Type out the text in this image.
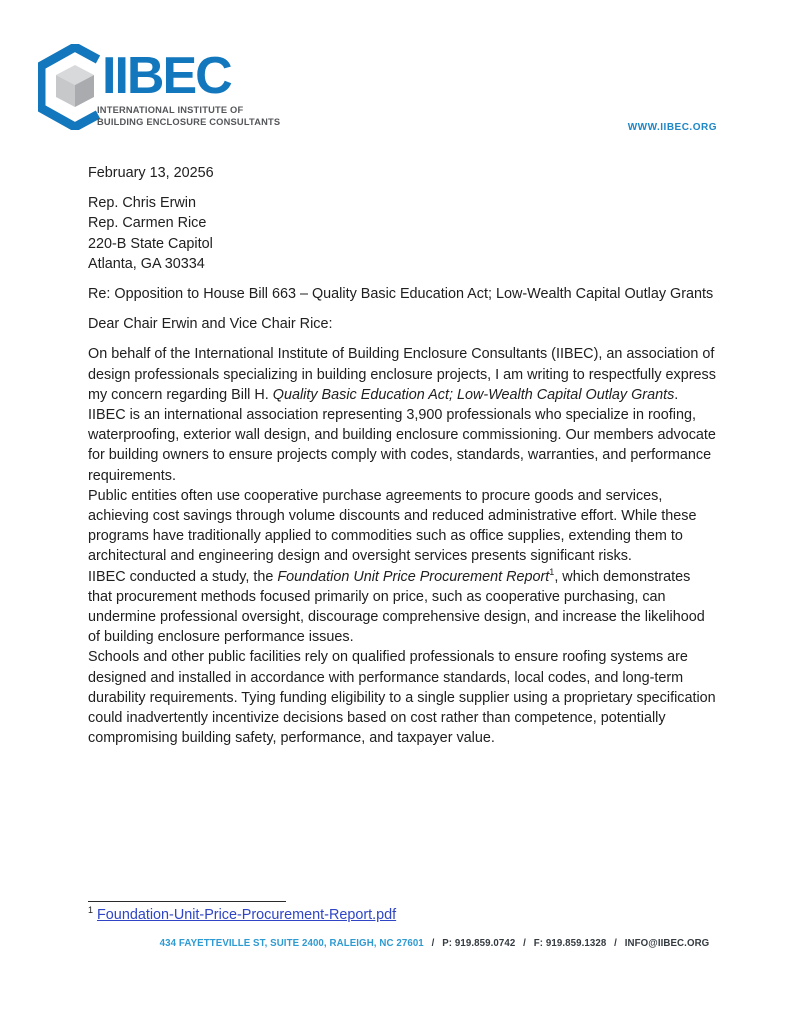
IIBEC
INTERNATIONAL INSTITUTE OF
BUILDING ENCLOSURE CONSULTANTS
WWW.IIBEC.ORG
February 13, 20256
Rep. Chris Erwin
Rep. Carmen Rice
220-B State Capitol
Atlanta, GA 30334
Re: Opposition to House Bill 663 – Quality Basic Education Act; Low-Wealth Capital Outlay Grants
Dear Chair Erwin and Vice Chair Rice:

On behalf of the International Institute of Building Enclosure Consultants (IIBEC), an association of design professionals specializing in building enclosure projects, I am writing to respectfully express my concern regarding Bill H. Quality Basic Education Act; Low-Wealth Capital Outlay Grants.

IIBEC is an international association representing 3,900 professionals who specialize in roofing, waterproofing, exterior wall design, and building enclosure commissioning. Our members advocate for building owners to ensure projects comply with codes, standards, warranties, and performance requirements.

Public entities often use cooperative purchase agreements to procure goods and services, achieving cost savings through volume discounts and reduced administrative effort. While these programs have traditionally applied to commodities such as office supplies, extending them to architectural and engineering design and oversight services presents significant risks.

IIBEC conducted a study, the Foundation Unit Price Procurement Report$^1$, which demonstrates that procurement methods focused primarily on price, such as cooperative purchasing, can undermine professional oversight, discourage comprehensive design, and increase the likelihood of building enclosure performance issues.

Schools and other public facilities rely on qualified professionals to ensure roofing systems are designed and installed in accordance with performance standards, local codes, and long-term durability requirements. Tying funding eligibility to a single supplier using a proprietary specification could inadvertently incentivize decisions based on cost rather than competence, potentially compromising building safety, performance, and taxpayer value.

$^1$ Foundation-Unit-Price-Procurement-Report.pdf
434 FAYETTEVILLE ST, SUITE 2400, RALEIGH, NC 27601 / P: 919.859.0742 / F: 919.859.1328 / INFO@IIBEC.ORG
